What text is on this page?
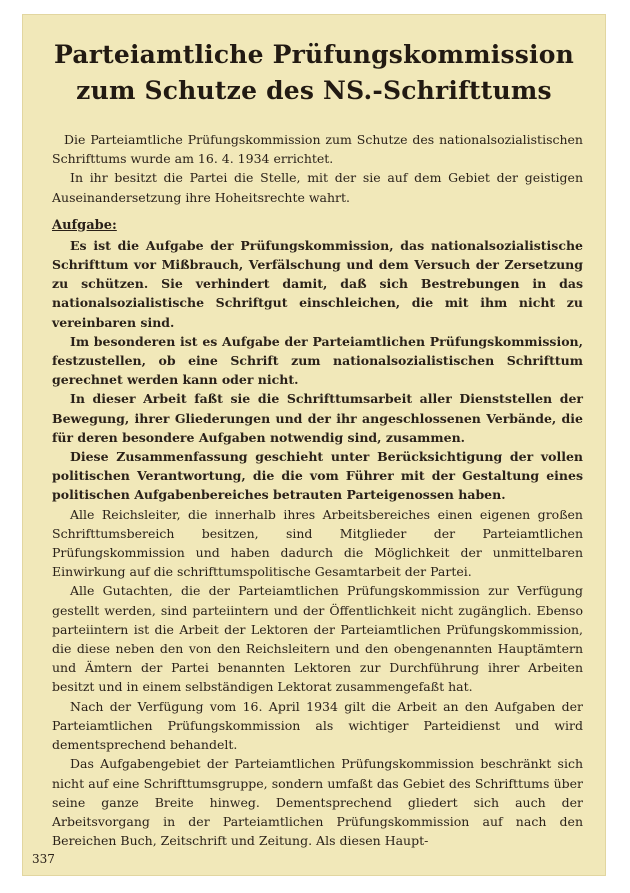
Parteiamtliche Prüfungskommission
zum Schutze des NS.-Schrifttums

Die Parteiamtliche Prüfungskommission zum Schutze des nationalsozialistischen Schrifttums wurde am 16. 4. 1934 errichtet.

In ihr besitzt die Partei die Stelle, mit der sie auf dem Gebiet der geistigen Auseinandersetzung ihre Hoheitsrechte wahrt.

Aufgabe:

Es ist die Aufgabe der Prüfungskommission, das nationalsozialistische Schrifttum vor Mißbrauch, Verfälschung und dem Versuch der Zersetzung zu schützen. Sie verhindert damit, daß sich Bestrebungen in das nationalsozialistische Schriftgut einschleichen, die mit ihm nicht zu vereinbaren sind.

Im besonderen ist es Aufgabe der Parteiamtlichen Prüfungskommission, festzustellen, ob eine Schrift zum nationalsozialistischen Schrifttum gerechnet werden kann oder nicht.

In dieser Arbeit faßt sie die Schrifttumsarbeit aller Dienststellen der Bewegung, ihrer Gliederungen und der ihr angeschlossenen Verbände, die für deren besondere Aufgaben notwendig sind, zusammen.

Diese Zusammenfassung geschieht unter Berücksichtigung der vollen politischen Verantwortung, die die vom Führer mit der Gestaltung eines politischen Aufgabenbereiches betrauten Parteigenossen haben.

Alle Reichsleiter, die innerhalb ihres Arbeitsbereiches einen eigenen großen Schrifttumsbereich besitzen, sind Mitglieder der Parteiamtlichen Prüfungskommission und haben dadurch die Möglichkeit der unmittelbaren Einwirkung auf die schrifttumspolitische Gesamtarbeit der Partei.

Alle Gutachten, die der Parteiamtlichen Prüfungskommission zur Verfügung gestellt werden, sind parteiintern und der Öffentlichkeit nicht zugänglich. Ebenso parteiintern ist die Arbeit der Lektoren der Parteiamtlichen Prüfungskommission, die diese neben den von den Reichsleitern und den obengenannten Hauptämtern und Ämtern der Partei benannten Lektoren zur Durchführung ihrer Arbeiten besitzt und in einem selbständigen Lektorat zusammengefaßt hat.

Nach der Verfügung vom 16. April 1934 gilt die Arbeit an den Aufgaben der Parteiamtlichen Prüfungskommission als wichtiger Parteidienst und wird dementsprechend behandelt.

Das Aufgabengebiet der Parteiamtlichen Prüfungskommission beschränkt sich nicht auf eine Schrifttumsgruppe, sondern umfaßt das Gebiet des Schrifttums über seine ganze Breite hinweg. Dementsprechend gliedert sich auch der Arbeitsvorgang in der Parteiamtlichen Prüfungskommission auf nach den Bereichen Buch, Zeitschrift und Zeitung. Als diesen Haupt-

337
